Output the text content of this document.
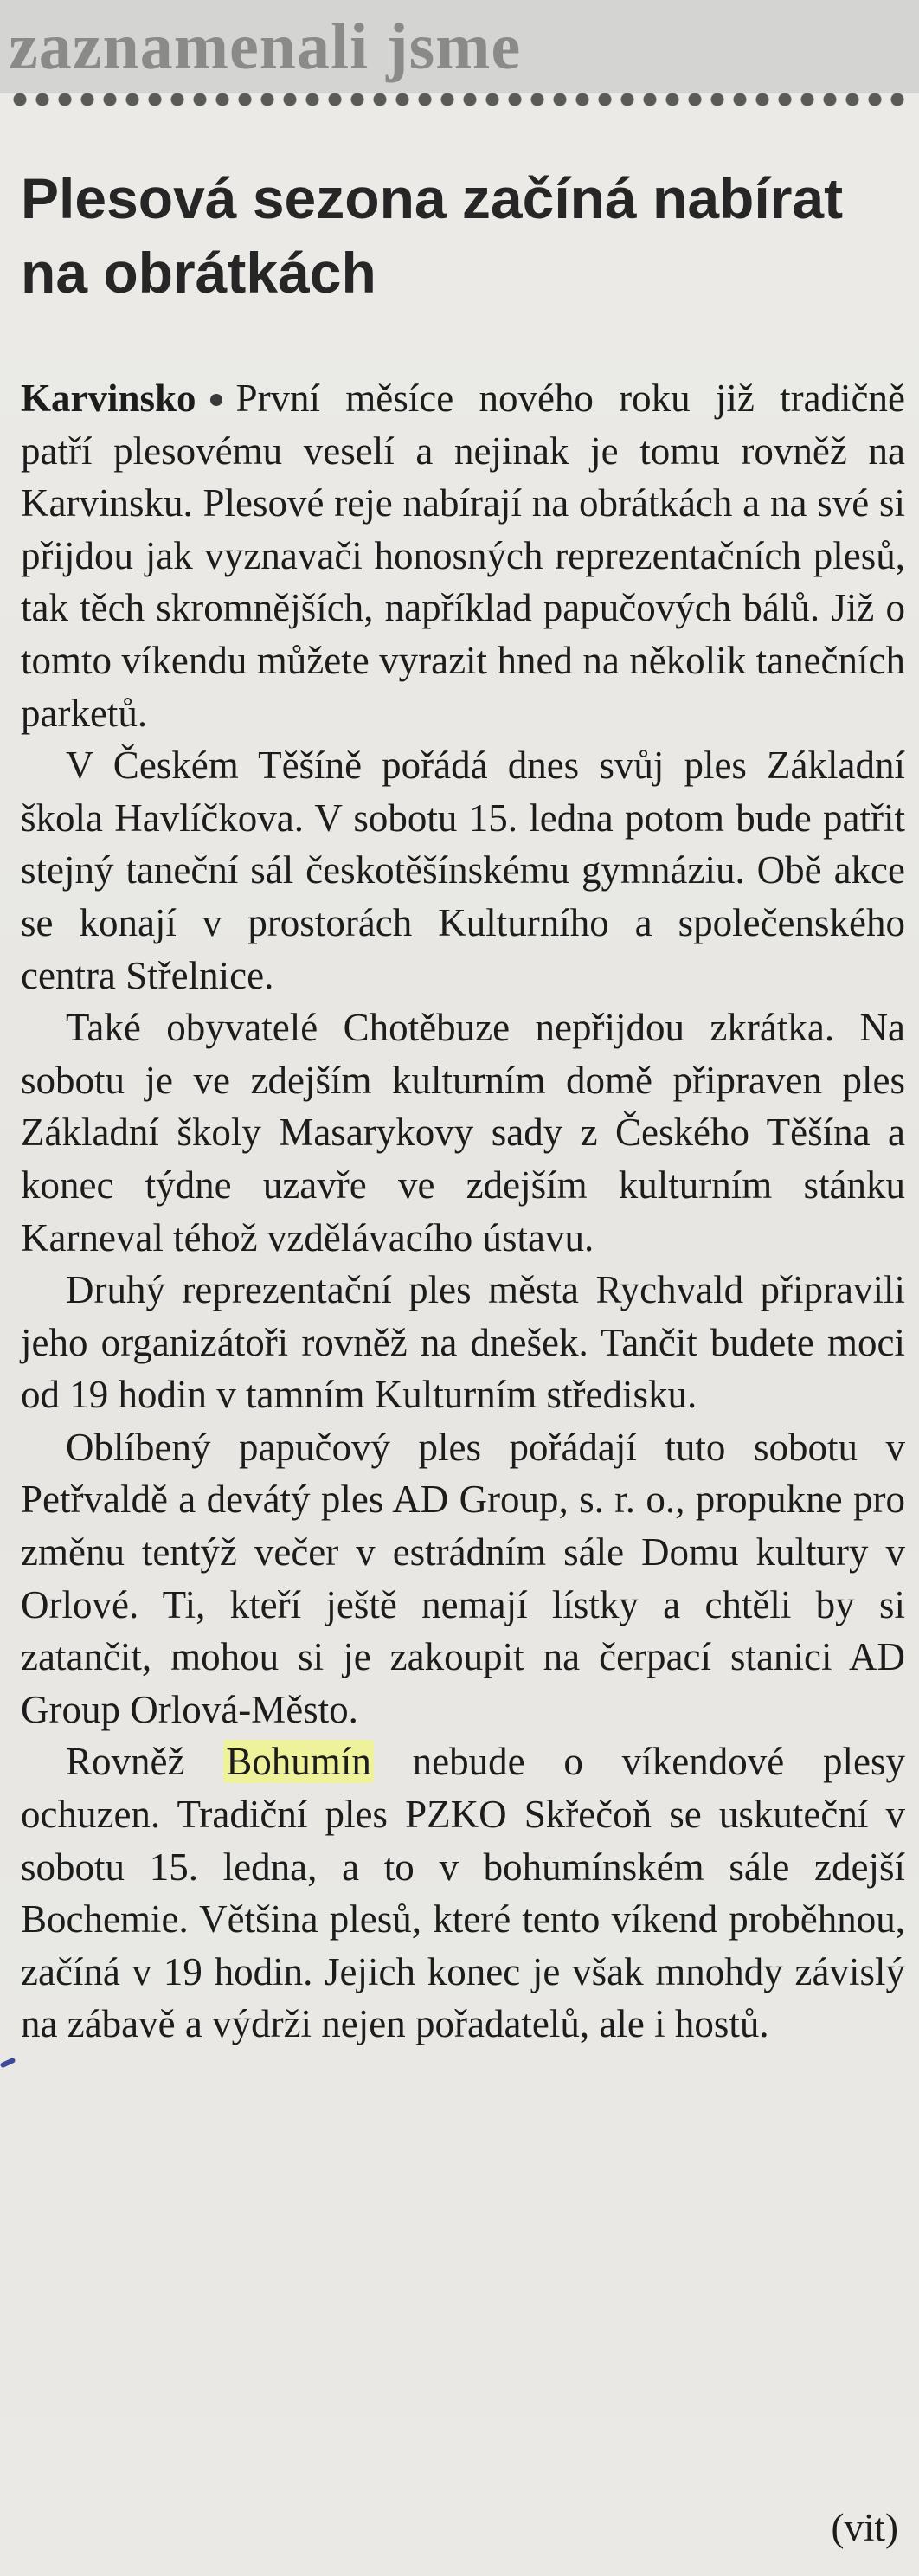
zaznamenali jsme
Plesová sezona začíná nabírat na obrátkách

Karvinsko První měsíce nového roku již tradičně patří plesovému veselí a nejinak je tomu rovněž na Karvinsku. Plesové reje nabírají na obrátkách a na své si přijdou jak vyznavači honosných reprezentačních plesů, tak těch skromnějších, například papučových bálů. Již o tomto víkendu můžete vyrazit hned na několik tanečních parketů.

V Českém Těšíně pořádá dnes svůj ples Základní škola Havlíčkova. V sobotu 15. ledna potom bude patřit stejný taneční sál českotěšínskému gymnáziu. Obě akce se konají v prostorách Kulturního a společenského centra Střelnice.

Také obyvatelé Chotěbuze nepřijdou zkrátka. Na sobotu je ve zdejším kulturním domě připraven ples Základní školy Masarykovy sady z Českého Těšína a konec týdne uzavře ve zdejším kulturním stánku Karneval téhož vzdělávacího ústavu.

Druhý reprezentační ples města Rychvald připravili jeho organizátoři rovněž na dnešek. Tančit budete moci od 19 hodin v tamním Kulturním středisku.

Oblíbený papučový ples pořádají tuto sobotu v Petřvaldě a devátý ples AD Group, s. r. o., propukne pro změnu tentýž večer v estrádním sále Domu kultury v Orlové. Ti, kteří ještě nemají lístky a chtěli by si zatančit, mohou si je zakoupit na čerpací stanici AD Group Orlová-Město.

Rovněž Bohumín nebude o víkendové plesy ochuzen. Tradiční ples PZKO Skřečoň se uskuteční v sobotu 15. ledna, a to v bohumínském sále zdejší Bochemie. Většina plesů, které tento víkend proběhnou, začíná v 19 hodin. Jejich konec je však mnohdy závislý na zábavě a výdrži nejen pořadatelů, ale i hostů.

(vit)
